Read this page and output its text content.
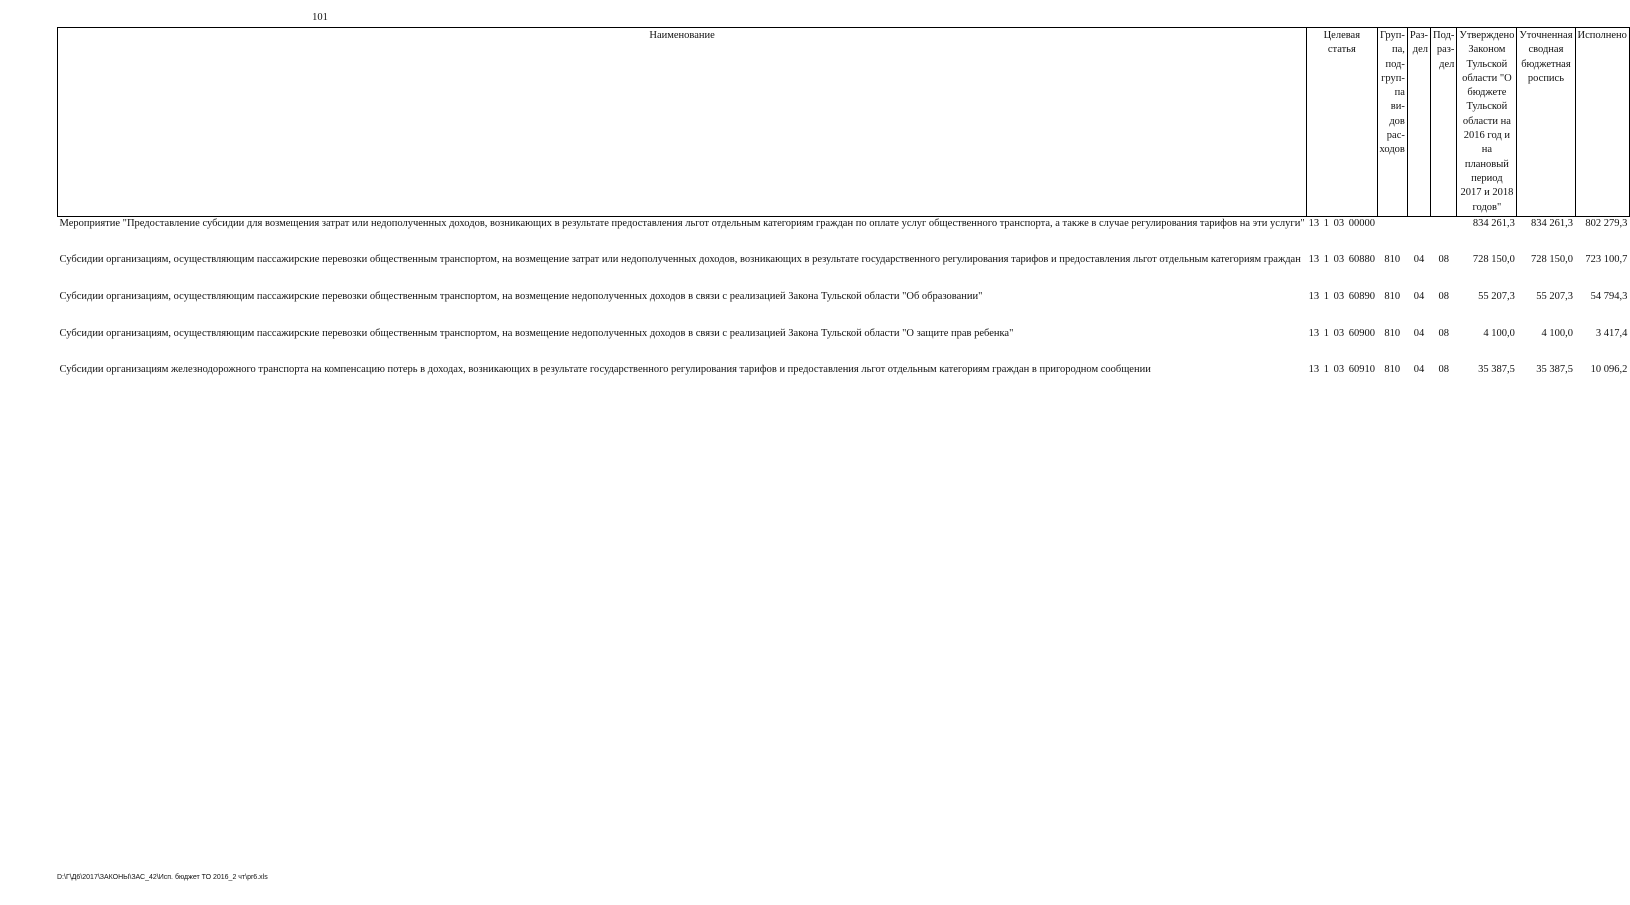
101
Наименование	Целевая статья	Груп-па, под-груп-па ви-дов рас-ходов	Раз-дел	Под-раз-дел	Утверждено Законом Тульской области "О бюджете Тульской области на 2016 год и на плановый период 2017 и 2018 годов"	Уточненная сводная бюджетная роспись	Исполнено
Мероприятие "Предоставление субсидии для возмещения затрат или недополученных доходов, возникающих в результате предоставления льгот отдельным категориям граждан по оплате услуг общественного транспорта, а также в случае регулирования тарифов на эти услуги"	13 1 03 00000				834 261,3	834 261,3	802 279,3

Субсидии организациям, осуществляющим пассажирские перевозки общественным транспортом, на возмещение затрат или недополученных доходов, возникающих в результате государственного регулирования тарифов и предоставления льгот отдельным категориям граждан	13 1 03 60880	810	04	08	728 150,0	728 150,0	723 100,7

Субсидии организациям, осуществляющим пассажирские перевозки общественным транспортом, на возмещение недополученных доходов в связи с реализацией Закона Тульской области "Об образовании"	13 1 03 60890	810	04	08	55 207,3	55 207,3	54 794,3

Субсидии организациям, осуществляющим пассажирские перевозки общественным транспортом, на возмещение недополученных доходов в связи с реализацией Закона Тульской области "О защите прав ребенка"	13 1 03 60900	810	04	08	4 100,0	4 100,0	3 417,4

Субсидии организациям железнодорожного транспорта на компенсацию потерь в доходах, возникающих в результате государственного регулирования тарифов и предоставления льгот отдельным категориям граждан в пригородном сообщении	13 1 03 60910	810	04	08	35 387,5	35 387,5	10 096,2
D:\Г\Д6\2017\ЗАКОНЫ\ЗАС_42\Исп. бюджет ТО 2016_2 чт\pr6.xls
